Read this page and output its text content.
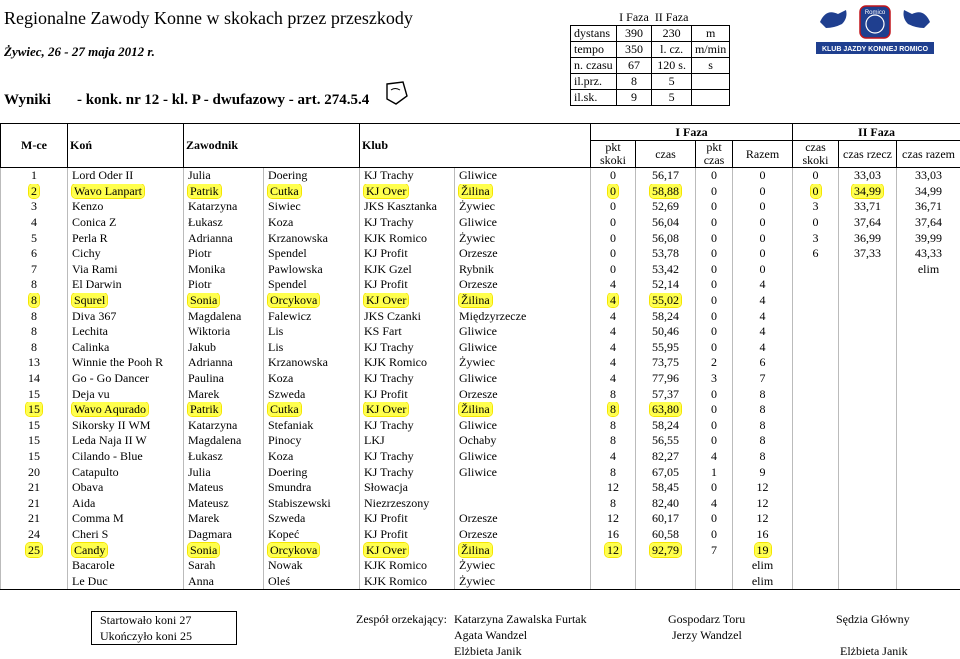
Regionalne Zawody Konne w skokach przez przeszkody
Żywiec, 26 - 27 maja 2012 r.
Wyniki - konk. nr 12 - kl. P - dwufazowy - art. 274.5.4
	I Faza	II Faza	
dystans	390	230	m
tempo	350	l. cz.	m/min
n. czasu	67	120 s.	s
il.prz.	8	5	
il.sk.	9	5	
Romico
KLUB JAZDY KONNEJ ROMICO
M-ce	Koń	Zawodnik		Klub		I Faza				II Faza		
						pkt skoki	czas	pkt czas	Razem	czas skoki	czas rzecz	czas razem
1	Lord Oder II	Julia	Doering	KJ Trachy	Gliwice	0	56,17	0	0	0	33,03	33,03
2	Wavo Lanpart	Patrik	Cutka	KJ Over	Žilina	0	58,88	0	0	0	34,99	34,99
3	Kenzo	Katarzyna	Siwiec	JKS Kasztanka	Żywiec	0	52,69	0	0	3	33,71	36,71
4	Conica Z	Łukasz	Koza	KJ Trachy	Gliwice	0	56,04	0	0	0	37,64	37,64
5	Perla R	Adrianna	Krzanowska	KJK Romico	Żywiec	0	56,08	0	0	3	36,99	39,99
6	Cichy	Piotr	Spendel	KJ Profit	Orzesze	0	53,78	0	0	6	37,33	43,33
7	Via Rami	Monika	Pawlowska	KJK Gzel	Rybnik	0	53,42	0	0			elim
8	El Darwin	Piotr	Spendel	KJ Profit	Orzesze	4	52,14	0	4			
8	Squrel	Sonia	Orcykova	KJ Over	Žilina	4	55,02	0	4			
8	Diva 367	Magdalena	Falewicz	JKS Czanki	Międzyrzecze	4	58,24	0	4			
8	Lechita	Wiktoria	Lis	KS Fart	Gliwice	4	50,46	0	4			
8	Calinka	Jakub	Lis	KJ Trachy	Gliwice	4	55,95	0	4			
13	Winnie the Pooh R	Adrianna	Krzanowska	KJK Romico	Żywiec	4	73,75	2	6			
14	Go - Go Dancer	Paulina	Koza	KJ Trachy	Gliwice	4	77,96	3	7			
15	Deja vu	Marek	Szweda	KJ Profit	Orzesze	8	57,37	0	8			
15	Wavo Aqurado	Patrik	Cutka	KJ Over	Žilina	8	63,80	0	8			
15	Sikorsky II WM	Katarzyna	Stefaniak	KJ Trachy	Gliwice	8	58,24	0	8			
15	Leda Naja II W	Magdalena	Pinocy	LKJ	Ochaby	8	56,55	0	8			
15	Cilando - Blue	Łukasz	Koza	KJ Trachy	Gliwice	4	82,27	4	8			
20	Catapulto	Julia	Doering	KJ Trachy	Gliwice	8	67,05	1	9			
21	Obava	Mateus	Smundra	Słowacja		12	58,45	0	12			
21	Aida	Mateusz	Stabiszewski	Niezrzeszony		8	82,40	4	12			
21	Comma M	Marek	Szweda	KJ Profit	Orzesze	12	60,17	0	12			
24	Cheri S	Dagmara	Kopeć	KJ Profit	Orzesze	16	60,58	0	16			
25	Candy	Sonia	Orcykova	KJ Over	Žilina	12	92,79	7	19			
	Bacarole	Sarah	Nowak	KJK Romico	Żywiec				elim			
	Le Duc	Anna	Oleś	KJK Romico	Żywiec				elim			
Startowało koni 27
Ukończyło koni 25
Zespół orzekający: Katarzyna Zawalska Furtak
Agata Wandzel
Elżbieta Janik
Gospodarz Toru
Jerzy Wandzel
Sędzia Główny
Elżbieta Janik
